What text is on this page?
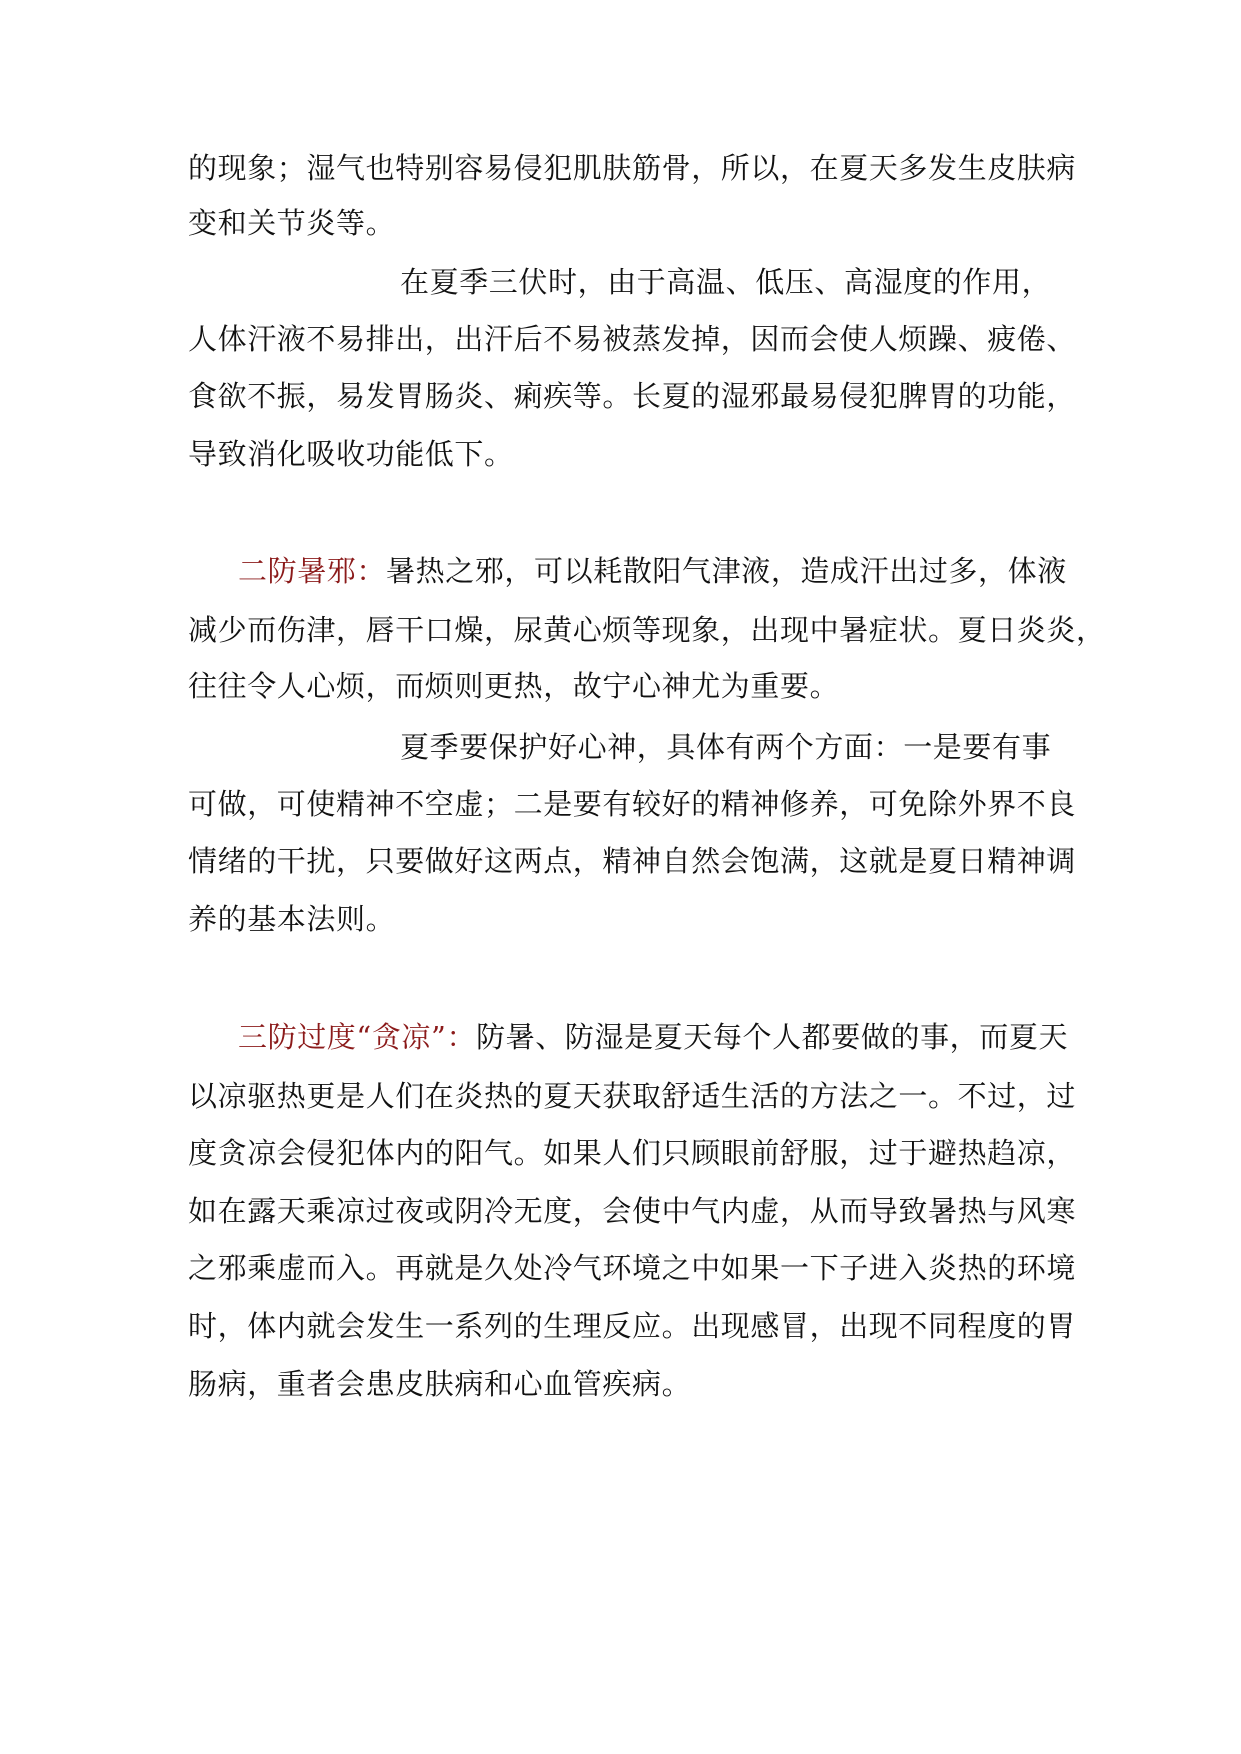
的现象；湿气也特别容易侵犯肌肤筋骨，所以，在夏天多发生皮肤病
变和关节炎等。
在夏季三伏时，由于高温、低压、高湿度的作用，
人体汗液不易排出，出汗后不易被蒸发掉，因而会使人烦躁、疲倦、
食欲不振，易发胃肠炎、痢疾等。长夏的湿邪最易侵犯脾胃的功能，
导致消化吸收功能低下。
二防暑邪：暑热之邪，可以耗散阳气津液，造成汗出过多，体液
减少而伤津，唇干口燥，尿黄心烦等现象，出现中暑症状。夏日炎炎，
往往令人心烦，而烦则更热，故宁心神尤为重要。
夏季要保护好心神，具体有两个方面：一是要有事
可做，可使精神不空虚；二是要有较好的精神修养，可免除外界不良
情绪的干扰，只要做好这两点，精神自然会饱满，这就是夏日精神调
养的基本法则。
三防过度“贪凉”：防暑、防湿是夏天每个人都要做的事，而夏天
以凉驱热更是人们在炎热的夏天获取舒适生活的方法之一。不过，过
度贪凉会侵犯体内的阳气。如果人们只顾眼前舒服，过于避热趋凉，
如在露天乘凉过夜或阴冷无度，会使中气内虚，从而导致暑热与风寒
之邪乘虚而入。再就是久处冷气环境之中如果一下子进入炎热的环境
时，体内就会发生一系列的生理反应。出现感冒，出现不同程度的胃
肠病，重者会患皮肤病和心血管疾病。
